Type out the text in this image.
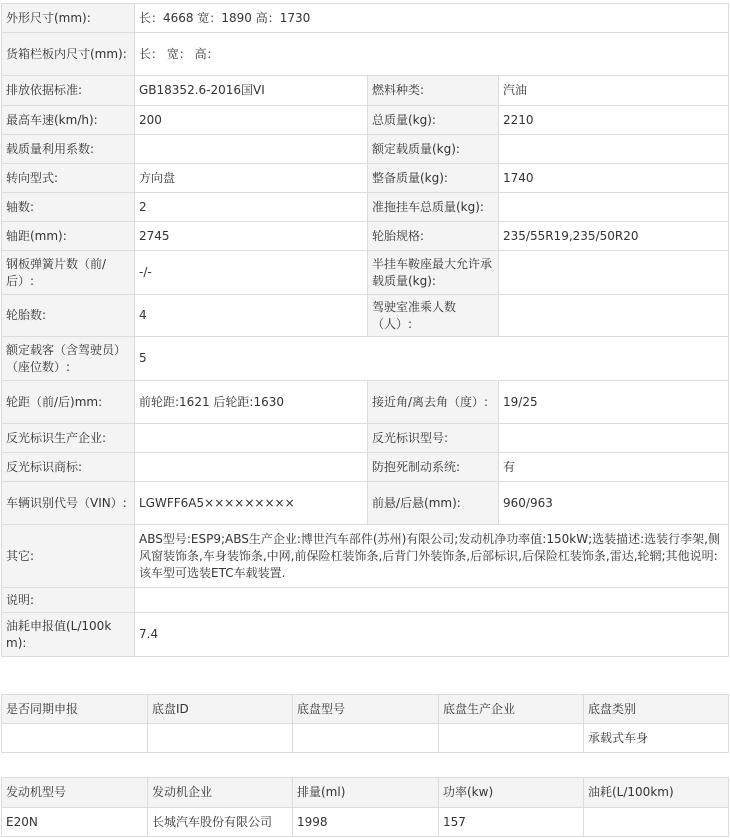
外形尺寸(mm):	长：4668 宽：1890 高：1730		
货箱栏板内尺寸(mm):	长： 宽： 高：		
排放依据标准:	GB18352.6-2016国VI	燃料种类:	汽油
最高车速(km/h):	200	总质量(kg):	2210
载质量利用系数:		额定载质量(kg):	
转向型式:	方向盘	整备质量(kg):	1740
轴数:	2	准拖挂车总质量(kg):	
轴距(mm):	2745	轮胎规格:	235/55R19,235/50R20
钢板弹簧片数（前/后）:	-/-	半挂车鞍座最大允许承载质量(kg):	
轮胎数:	4	驾驶室准乘人数（人）:	
额定载客（含驾驶员）（座位数）:	5		
轮距（前/后)mm:	前轮距:1621 后轮距:1630	接近角/离去角（度）:	19/25
反光标识生产企业:		反光标识型号:	
反光标识商标:		防抱死制动系统:	有
车辆识别代号（VIN）:	LGWFF6A5×××××××××	前悬/后悬(mm):	960/963
其它:	ABS型号:ESP9;ABS生产企业:博世汽车部件(苏州)有限公司;发动机净功率值:150kW;选装描述:选装行李架,侧风窗装饰条,车身装饰条,中网,前保险杠装饰条,后背门外装饰条,后部标识,后保险杠装饰条,雷达,轮辋;其他说明:该车型可选装ETC车载装置.		
说明:			
油耗申报值(L/100km):	7.4		
是否同期申报	底盘ID	底盘型号	底盘生产企业	底盘类别
				承载式车身
发动机型号	发动机企业	排量(ml)	功率(kw)	油耗(L/100km)
E20N	长城汽车股份有限公司	1998	157	
